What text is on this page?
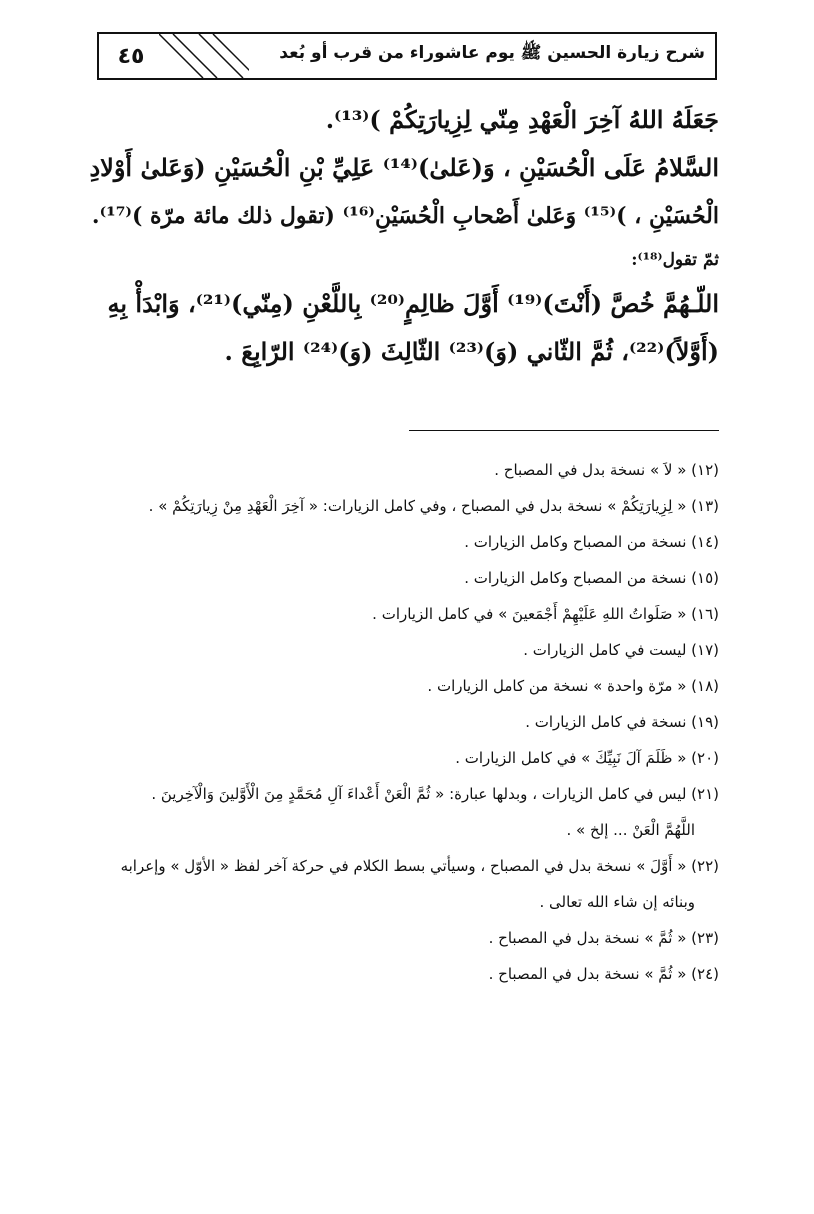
شرح زيارة الحسين ﷺ يوم عاشوراء من قرب أو بُعد
٤٥

جَعَلَهُ اللهُ آخِرَ الْعَهْدِ مِنّي لِزِيارَتِكُمْ )⁽¹³⁾.

السَّلامُ عَلَى الْحُسَيْنِ ، وَ(عَلىٰ)⁽¹⁴⁾ عَلِيِّ بْنِ الْحُسَيْنِ (وَعَلىٰ أَوْلادِ

الْحُسَيْنِ ، )⁽¹⁵⁾ وَعَلىٰ أَصْحابِ الْحُسَيْنِ⁽¹⁶⁾ (تقول ذلك مائة مرّة )⁽¹⁷⁾.

ثمّ تقول⁽¹⁸⁾:

اللّـهُمَّ خُصَّ (أَنْتَ)⁽¹⁹⁾ أَوَّلَ ظالِمٍ⁽²⁰⁾ بِاللَّعْنِ (مِنّي)⁽²¹⁾، وَابْدَأْ بِهِ

(أَوَّلاً)⁽²²⁾، ثُمَّ الثّاني (وَ)⁽²³⁾ الثّالِثَ (وَ)⁽²⁴⁾ الرّابِعَ .

(١٢) « لاَ » نسخة بدل في المصباح .
(١٣) « لِزِيارَتِكُمْ » نسخة بدل في المصباح ، وفي كامل الزيارات: « آخِرَ الْعَهْدِ مِنْ زِيارَتِكُمْ » .
(١٤) نسخة من المصباح وكامل الزيارات .
(١٥) نسخة من المصباح وكامل الزيارات .
(١٦) « صَلَواتُ اللهِ عَلَيْهِمْ أَجْمَعينَ » في كامل الزيارات .
(١٧) ليست في كامل الزيارات .
(١٨) « مرّة واحدة » نسخة من كامل الزيارات .
(١٩) نسخة في كامل الزيارات .
(٢٠) « ظَلَمَ آلَ نَبِيِّكَ » في كامل الزيارات .
(٢١) ليس في كامل الزيارات ، وبدلها عبارة: « ثُمَّ الْعَنْ أَعْداءَ آلِ مُحَمَّدٍ مِنَ الْأَوَّلينَ وَالْآخِرينَ .
اللَّهُمَّ الْعَنْ ... إلخ » .
(٢٢) « أَوَّلَ » نسخة بدل في المصباح ، وسيأتي بسط الكلام في حركة آخر لفظ « الأوّل » وإعرابه
وبنائه إن شاء الله تعالى .
(٢٣) « ثُمَّ » نسخة بدل في المصباح .
(٢٤) « ثُمَّ » نسخة بدل في المصباح .
